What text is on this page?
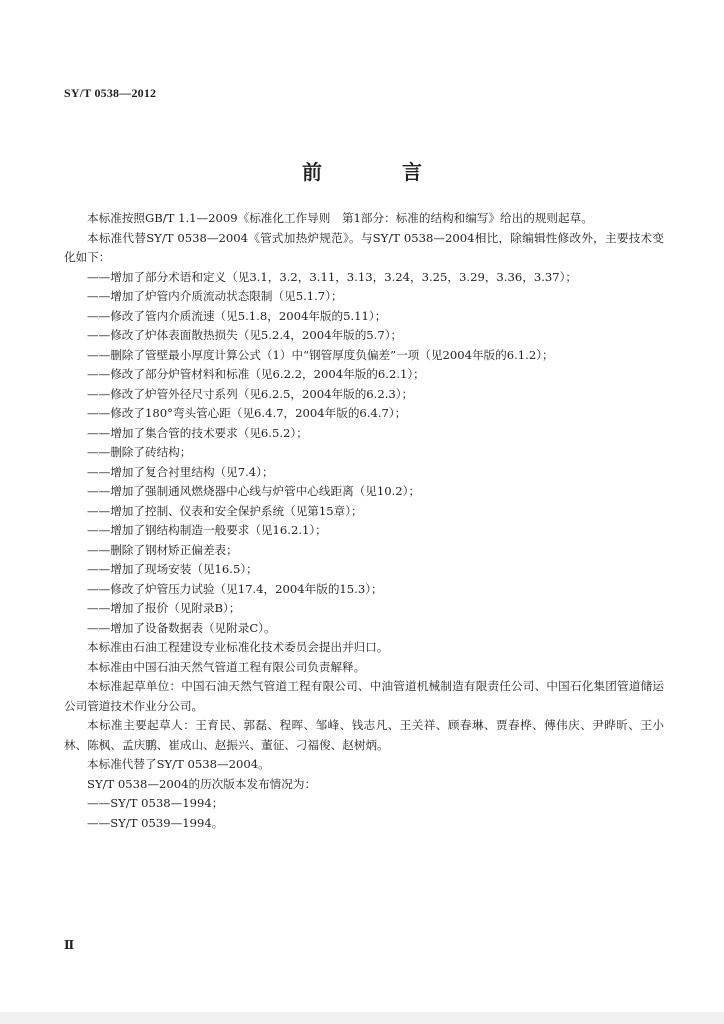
SY/T 0538—2012
前　言

本标准按照GB/T 1.1—2009《标准化工作导则　第1部分：标准的结构和编写》给出的规则起草。

本标准代替SY/T 0538—2004《管式加热炉规范》。与SY/T 0538—2004相比，除编辑性修改外，主要技术变化如下：

——增加了部分术语和定义（见3.1，3.2，3.11，3.13，3.24，3.25，3.29，3.36，3.37）；

——增加了炉管内介质流动状态限制（见5.1.7）；

——修改了管内介质流速（见5.1.8，2004年版的5.11）；

——修改了炉体表面散热损失（见5.2.4，2004年版的5.7）；

——删除了管壁最小厚度计算公式（1）中“钢管厚度负偏差”一项（见2004年版的6.1.2）；

——修改了部分炉管材料和标准（见6.2.2，2004年版的6.2.1）；

——修改了炉管外径尺寸系列（见6.2.5，2004年版的6.2.3）；

——修改了180°弯头管心距（见6.4.7，2004年版的6.4.7）；

——增加了集合管的技术要求（见6.5.2）；

——删除了砖结构；

——增加了复合衬里结构（见7.4）；

——增加了强制通风燃烧器中心线与炉管中心线距离（见10.2）；

——增加了控制、仪表和安全保护系统（见第15章）；

——增加了钢结构制造一般要求（见16.2.1）；

——删除了钢材矫正偏差表；

——增加了现场安装（见16.5）；

——修改了炉管压力试验（见17.4，2004年版的15.3）；

——增加了报价（见附录B）；

——增加了设备数据表（见附录C）。

本标准由石油工程建设专业标准化技术委员会提出并归口。

本标准由中国石油天然气管道工程有限公司负责解释。

本标准起草单位：中国石油天然气管道工程有限公司、中油管道机械制造有限责任公司、中国石化集团管道储运公司管道技术作业分公司。

本标准主要起草人：王育民、郭磊、程晖、邹峰、钱志凡、王关祥、顾春琳、贾春桦、傅伟庆、尹晔昕、王小林、陈枫、孟庆鹏、崔成山、赵振兴、董征、刁福俊、赵树炳。

本标准代替了SY/T 0538—2004。

SY/T 0538—2004的历次版本发布情况为：

——SY/T 0538—1994；

——SY/T 0539—1994。

Ⅱ
